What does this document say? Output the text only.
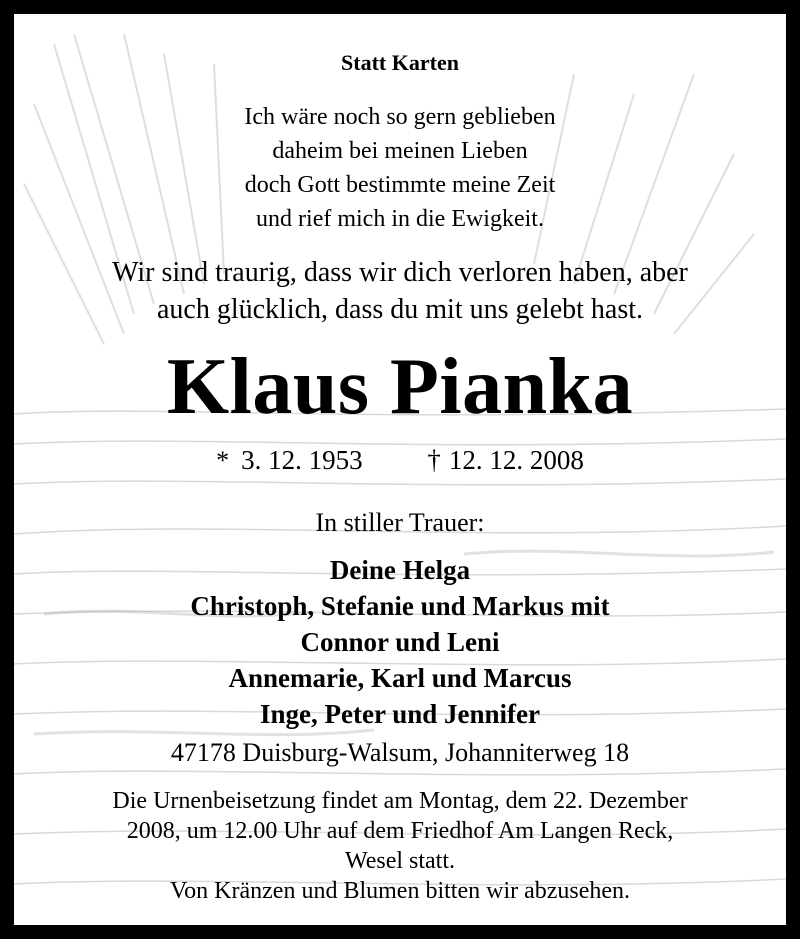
Statt Karten
Ich wäre noch so gern geblieben
daheim bei meinen Lieben
doch Gott bestimmte meine Zeit
und rief mich in die Ewigkeit.
Wir sind traurig, dass wir dich verloren haben, aber
auch glücklich, dass du mit uns gelebt hast.
Klaus Pianka
* 3. 12. 1953 † 12. 12. 2008
In stiller Trauer:
Deine Helga
Christoph, Stefanie und Markus mit
Connor und Leni
Annemarie, Karl und Marcus
Inge, Peter und Jennifer
47178 Duisburg-Walsum, Johanniterweg 18
Die Urnenbeisetzung findet am Montag, dem 22. Dezember
2008, um 12.00 Uhr auf dem Friedhof Am Langen Reck,
Wesel statt.
Von Kränzen und Blumen bitten wir abzusehen.
